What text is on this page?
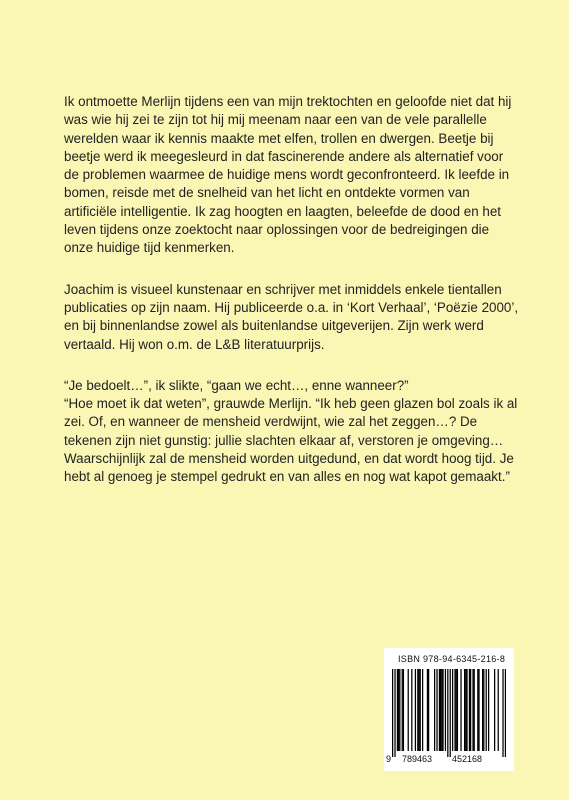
Ik ontmoette Merlijn tijdens een van mijn trektochten en geloofde niet dat hij was wie hij zei te zijn tot hij mij meenam naar een van de vele parallelle werelden waar ik kennis maakte met elfen, trollen en dwergen. Beetje bij beetje werd ik meegesleurd in dat fascinerende andere als alternatief voor de problemen waarmee de huidige mens wordt geconfronteerd. Ik leefde in bomen, reisde met de snelheid van het licht en ontdekte vormen van artificiële intelligentie. Ik zag hoogten en laagten, beleefde de dood en het leven tijdens onze zoektocht naar oplossingen voor de bedreigingen die onze huidige tijd kenmerken.

Joachim is visueel kunstenaar en schrijver met inmiddels enkele tientallen publicaties op zijn naam. Hij publiceerde o.a. in ‘Kort Verhaal’, ‘Poëzie 2000’, en bij binnenlandse zowel als buitenlandse uitgeverijen. Zijn werk werd vertaald. Hij won o.m. de L&B literatuurprijs.

“Je bedoelt…”, ik slikte, “gaan we echt…, enne wanneer?”

“Hoe moet ik dat weten”, grauwde Merlijn. “Ik heb geen glazen bol zoals ik al zei. Of, en wanneer de mensheid verdwijnt, wie zal het zeggen…? De tekenen zijn niet gunstig: jullie slachten elkaar af, verstoren je omgeving… Waarschijnlijk zal de mensheid worden uitgedund, en dat wordt hoog tijd. Je hebt al genoeg je stempel gedrukt en van alles en nog wat kapot gemaakt.”

ISBN 978-94-6345-216-8
9 789463 452168
